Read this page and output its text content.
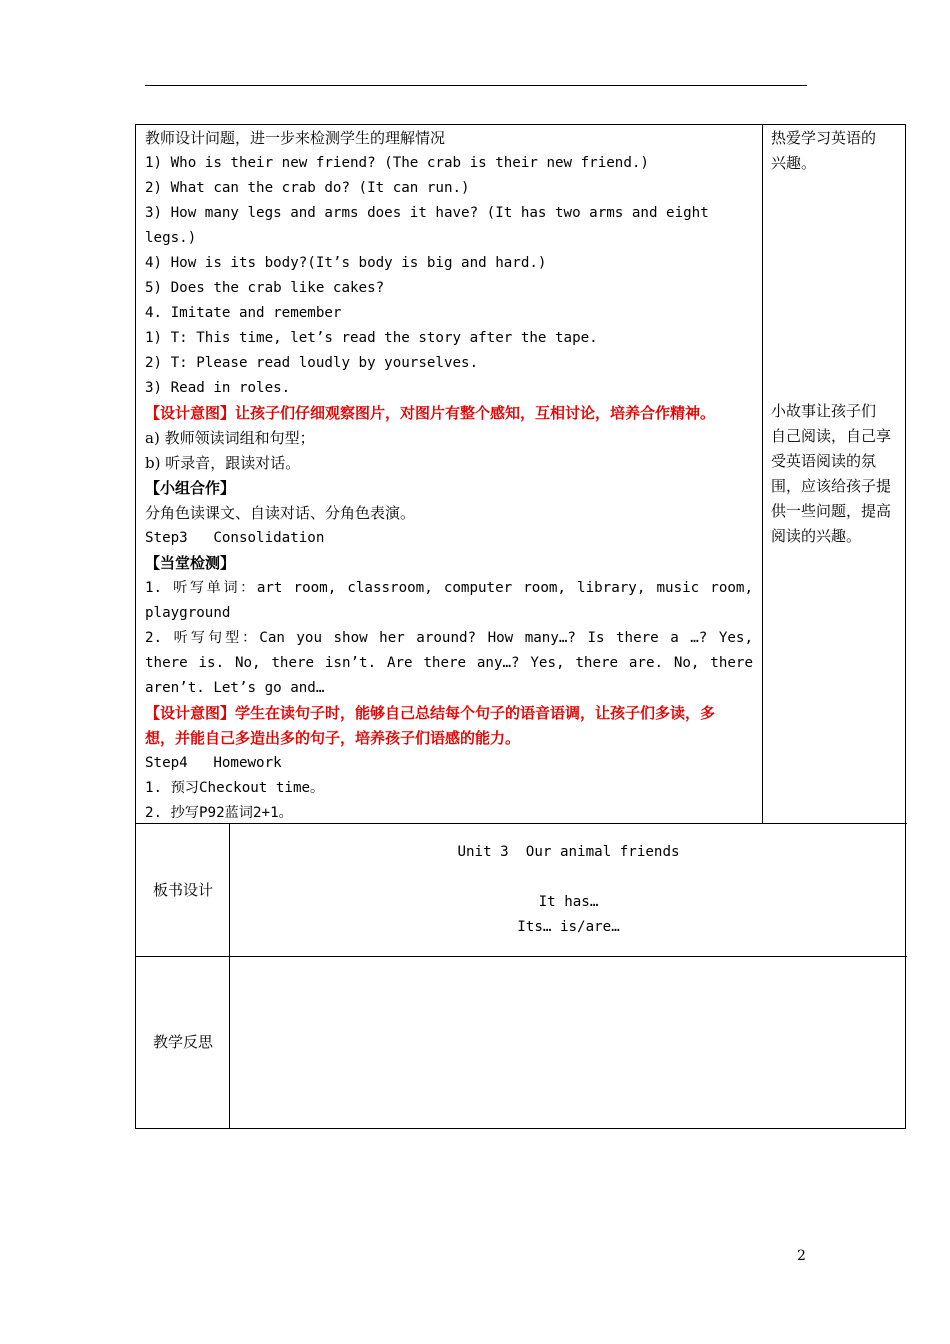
教师设计问题，进一步来检测学生的理解情况
1) Who is their new friend? (The crab is their new friend.)
2) What can the crab do? (It can run.)
3) How many legs and arms does it have? (It has two arms and eight
legs.)
4) How is its body?(It’s body is big and hard.)
5) Does the crab like cakes?
4. Imitate and remember
1) T: This time, let’s read the story after the tape.
2) T: Please read loudly by yourselves.
3) Read in roles.
【设计意图】让孩子们仔细观察图片，对图片有整个感知，互相讨论，培养合作精神。
a) 教师领读词组和句型；
b) 听录音，跟读对话。
【小组合作】
分角色读课文、自读对话、分角色表演。
Step3   Consolidation
【当堂检测】
1. 听写单词：art room, classroom, computer room, library, music room,
playground
2. 听写句型：Can you show her around? How many…? Is there a …? Yes,
there is. No, there isn’t. Are there any…? Yes, there are. No, there
aren’t. Let’s go and…
【设计意图】学生在读句子时，能够自己总结每个句子的语音语调，让孩子们多读，多
想，并能自己多造出多的句子，培养孩子们语感的能力。
Step4   Homework
1. 预习Checkout time。
2. 抄写P92蓝词2+1。
热爱学习英语的
兴趣。
小故事让孩子们
自己阅读，自己享
受英语阅读的氛
围，应该给孩子提
供一些问题，提高
阅读的兴趣。
板书设计
Unit 3  Our animal friends
It has…
Its… is/are…
教学反思
2
